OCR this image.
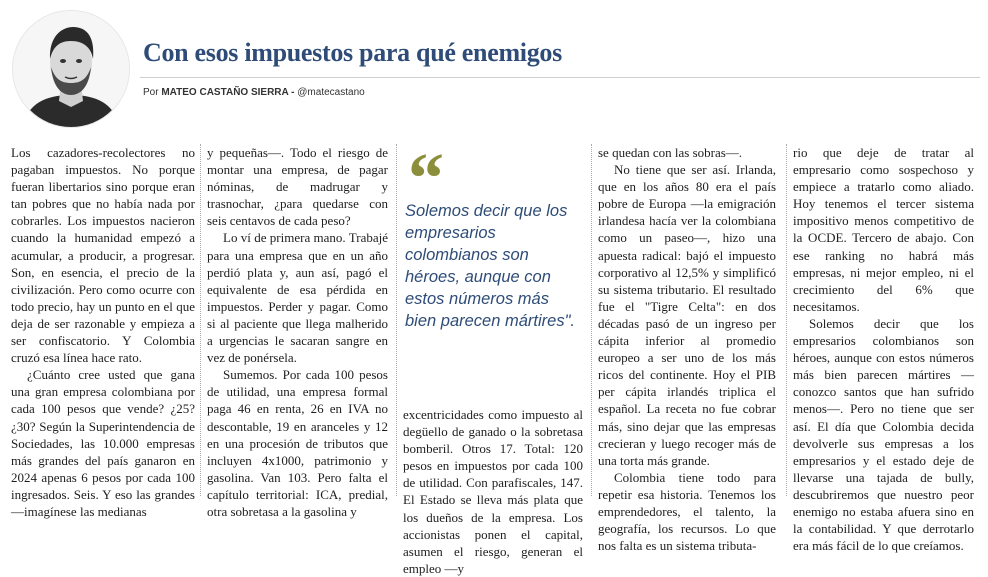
Con esos impuestos para qué enemigos
Por MATEO CASTAÑO SIERRA - @matecastano

Los cazadores-recolectores no pagaban impuestos. No porque fueran libertarios sino porque eran tan pobres que no había nada por cobrarles. Los impuestos nacieron cuando la humanidad empezó a acumular, a producir, a progresar. Son, en esencia, el precio de la civilización. Pero como ocurre con todo precio, hay un punto en el que deja de ser razonable y empieza a ser confiscatorio. Y Colombia cruzó esa línea hace rato.

¿Cuánto cree usted que gana una gran empresa colombiana por cada 100 pesos que vende? ¿25? ¿30? Según la Superintendencia de Sociedades, las 10.000 empresas más grandes del país ganaron en 2024 apenas 6 pesos por cada 100 ingresados. Seis. Y eso las grandes —imagínese las medianas

y pequeñas—. Todo el riesgo de montar una empresa, de pagar nóminas, de madrugar y trasnochar, ¿para quedarse con seis centavos de cada peso?

Lo ví de primera mano. Trabajé para una empresa que en un año perdió plata y, aun así, pagó el equivalente de esa pérdida en impuestos. Perder y pagar. Como si al paciente que llega malherido a urgencias le sacaran sangre en vez de ponérsela.

Sumemos. Por cada 100 pesos de utilidad, una empresa formal paga 46 en renta, 26 en IVA no descontable, 19 en aranceles y 12 en una procesión de tributos que incluyen 4x1000, patrimonio y gasolina. Van 103. Pero falta el capítulo territorial: ICA, predial, otra sobretasa a la gasolina y

“
Solemos decir que los empresarios colombianos son héroes, aunque con estos números más bien parecen mártires".

excentricidades como impuesto al degüello de ganado o la sobretasa bomberil. Otros 17. Total: 120 pesos en impuestos por cada 100 de utilidad. Con parafiscales, 147. El Estado se lleva más plata que los dueños de la empresa. Los accionistas ponen el capital, asumen el riesgo, generan el empleo —y

se quedan con las sobras—.

No tiene que ser así. Irlanda, que en los años 80 era el país pobre de Europa —la emigración irlandesa hacía ver la colombiana como un paseo—, hizo una apuesta radical: bajó el impuesto corporativo al 12,5% y simplificó su sistema tributario. El resultado fue el "Tigre Celta": en dos décadas pasó de un ingreso per cápita inferior al promedio europeo a ser uno de los más ricos del continente. Hoy el PIB per cápita irlandés triplica el español. La receta no fue cobrar más, sino dejar que las empresas crecieran y luego recoger más de una torta más grande.

Colombia tiene todo para repetir esa historia. Tenemos los emprendedores, el talento, la geografía, los recursos. Lo que nos falta es un sistema tributa-

rio que deje de tratar al empresario como sospechoso y empiece a tratarlo como aliado. Hoy tenemos el tercer sistema impositivo menos competitivo de la OCDE. Tercero de abajo. Con ese ranking no habrá más empresas, ni mejor empleo, ni el crecimiento del 6% que necesitamos.

Solemos decir que los empresarios colombianos son héroes, aunque con estos números más bien parecen mártires —conozco santos que han sufrido menos—. Pero no tiene que ser así. El día que Colombia decida devolverle sus empresas a los empresarios y el estado deje de llevarse una tajada de bully, descubriremos que nuestro peor enemigo no estaba afuera sino en la contabilidad. Y que derrotarlo era más fácil de lo que creíamos.
